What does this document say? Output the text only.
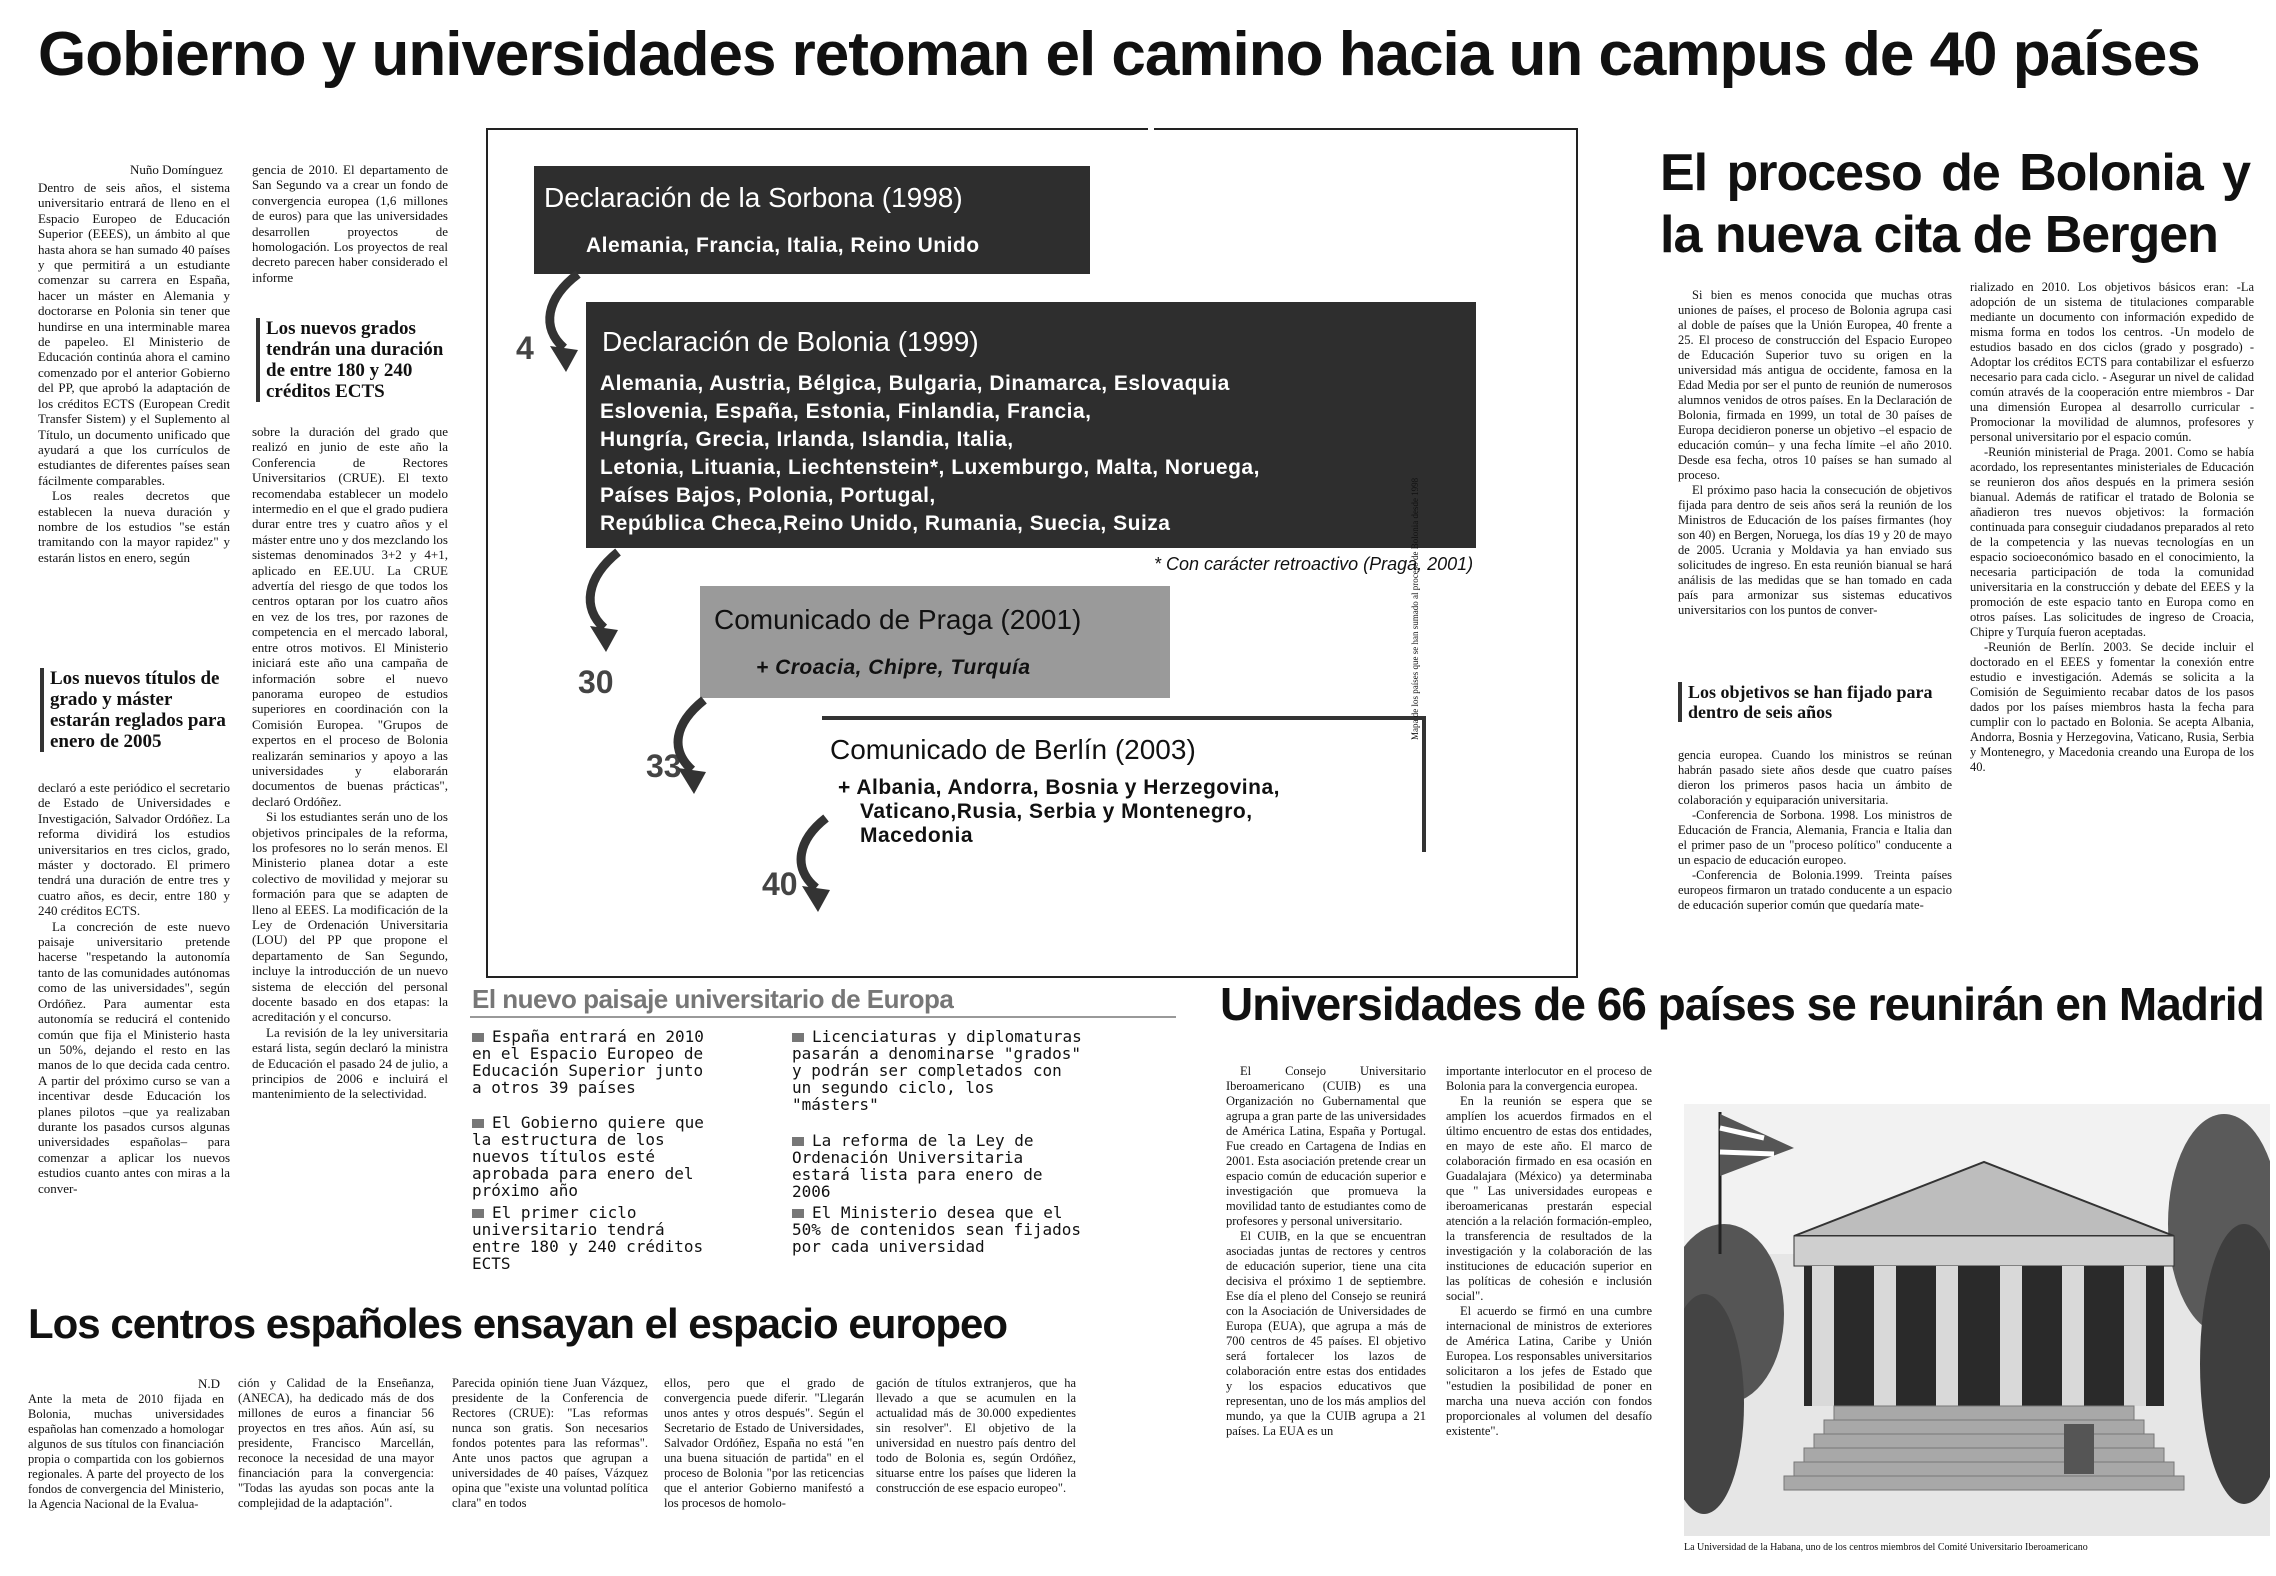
Gobierno y universidades retoman el camino hacia un campus de 40 países
Nuño Domínguez

Dentro de seis años, el sistema universitario entrará de lleno en el Espacio Europeo de Educación Superior (EEES), un ámbito al que hasta ahora se han sumado 40 países y que permitirá a un estudiante comenzar su carrera en España, hacer un máster en Alemania y doctorarse en Polonia sin tener que hundirse en una interminable marea de papeleo. El Ministerio de Educación continúa ahora el camino comenzado por el anterior Gobierno del PP, que aprobó la adaptación de los créditos ECTS (European Credit Transfer Sistem) y el Suplemento al Título, un documento unificado que ayudará a que los currículos de estudiantes de diferentes países sean fácilmente comparables.

Los reales decretos que establecen la nueva duración y nombre de los estudios "se están tramitando con la mayor rapidez" y estarán listos en enero, según

Los nuevos títulos de grado y máster estarán reglados para enero de 2005

declaró a este periódico el secretario de Estado de Universidades e Investigación, Salvador Ordóñez. La reforma dividirá los estudios universitarios en tres ciclos, grado, máster y doctorado. El primero tendrá una duración de entre tres y cuatro años, es decir, entre 180 y 240 créditos ECTS.

La concreción de este nuevo paisaje universitario pretende hacerse "respetando la autonomía tanto de las comunidades autónomas como de las universidades", según Ordóñez. Para aumentar esta autonomía se reducirá el contenido común que fija el Ministerio hasta un 50%, dejando el resto en las manos de lo que decida cada centro. A partir del próximo curso se van a incentivar desde Educación los planes pilotos –que ya realizaban durante los pasados cursos algunas universidades españolas– para comenzar a aplicar los nuevos estudios cuanto antes con miras a la conver-

gencia de 2010. El departamento de San Segundo va a crear un fondo de convergencia europea (1,6 millones de euros) para que las universidades desarrollen proyectos de homologación. Los proyectos de real decreto parecen haber considerado el informe

Los nuevos grados tendrán una duración de entre 180 y 240 créditos ECTS

sobre la duración del grado que realizó en junio de este año la Conferencia de Rectores Universitarios (CRUE). El texto recomendaba establecer un modelo intermedio en el que el grado pudiera durar entre tres y cuatro años y el máster entre uno y dos mezclando los sistemas denominados 3+2 y 4+1, aplicado en EE.UU. La CRUE advertía del riesgo de que todos los centros optaran por los cuatro años en vez de los tres, por razones de competencia en el mercado laboral, entre otros motivos. El Ministerio iniciará este año una campaña de información sobre el nuevo panorama europeo de estudios superiores en coordinación con la Comisión Europea. "Grupos de expertos en el proceso de Bolonia realizarán seminarios y apoyo a las universidades y elaborarán documentos de buenas prácticas", declaró Ordóñez.

Si los estudiantes serán uno de los objetivos principales de la reforma, los profesores no lo serán menos. El Ministerio planea dotar a este colectivo de movilidad y mejorar su formación para que se adapten de lleno al EEES. La modificación de la Ley de Ordenación Universitaria (LOU) del PP que propone el departamento de San Segundo, incluye la introducción de un nuevo sistema de elección del personal docente basado en dos etapas: la acreditación y el concurso.

La revisión de la ley universitaria estará lista, según declaró la ministra de Educación el pasado 24 de julio, a principios de 2006 e incluirá el mantenimiento de la selectividad.

Declaración de la Sorbona (1998)
Alemania, Francia, Italia, Reino Unido
Declaración de Bolonia (1999)
Alemania, Austria, Bélgica, Bulgaria, Dinamarca, Eslovaquia
Eslovenia, España, Estonia, Finlandia, Francia,
Hungría, Grecia, Irlanda, Islandia, Italia,
Letonia, Lituania, Liechtenstein*, Luxemburgo, Malta, Noruega,
Países Bajos, Polonia, Portugal,
República Checa,Reino Unido, Rumania, Suecia, Suiza
* Con carácter retroactivo (Praga, 2001)
Comunicado de Praga (2001)
+ Croacia, Chipre, Turquía
Comunicado de Berlín (2003)
+ Albania, Andorra, Bosnia y Herzegovina,
Vaticano,Rusia, Serbia y Montenegro,
Macedonia
4
30
33
40
Mapa de los países que se han sumado al proceso de Bolonia desde 1998
El nuevo paisaje universitario de Europa
España entrará en 2010 en el Espacio Europeo de Educación Superior junto a otros 39 países
El Gobierno quiere que la estructura de los nuevos títulos esté aprobada para enero del próximo año
El primer ciclo universitario tendrá entre 180 y 240 créditos ECTS
Licenciaturas y diplomaturas pasarán a denominarse "grados" y podrán ser completados con un segundo ciclo, los "másters"
La reforma de la Ley de Ordenación Universitaria estará lista para enero de 2006
El Ministerio desea que el 50% de contenidos sean fijados por cada universidad
El proceso de Bolonia y
la nueva cita de Bergen

Si bien es menos conocida que muchas otras uniones de países, el proceso de Bolonia agrupa casi al doble de países que la Unión Europea, 40 frente a 25. El proceso de construcción del Espacio Europeo de Educación Superior tuvo su origen en la universidad más antigua de occidente, famosa en la Edad Media por ser el punto de reunión de numerosos alumnos venidos de otros países. En la Declaración de Bolonia, firmada en 1999, un total de 30 países de Europa decidieron ponerse un objetivo –el espacio de educación común– y una fecha límite –el año 2010. Desde esa fecha, otros 10 países se han sumado al proceso.

El próximo paso hacia la consecución de objetivos fijada para dentro de seis años será la reunión de los Ministros de Educación de los países firmantes (hoy son 40) en Bergen, Noruega, los días 19 y 20 de mayo de 2005. Ucrania y Moldavia ya han enviado sus solicitudes de ingreso. En esta reunión bianual se hará análisis de las medidas que se han tomado en cada país para armonizar sus sistemas educativos universitarios con los puntos de conver-

Los objetivos se han fijado para dentro de seis años

gencia europea. Cuando los ministros se reúnan habrán pasado siete años desde que cuatro países dieron los primeros pasos hacia un ámbito de colaboración y equiparación universitaria.

-Conferencia de Sorbona. 1998. Los ministros de Educación de Francia, Alemania, Francia e Italia dan el primer paso de un "proceso político" conducente a un espacio de educación europeo.

-Conferencia de Bolonia.1999. Treinta países europeos firmaron un tratado conducente a un espacio de educación superior común que quedaría mate-

rializado en 2010. Los objetivos básicos eran: -La adopción de un sistema de titulaciones comparable mediante un documento con información expedido de misma forma en todos los centros. -Un modelo de estudios basado en dos ciclos (grado y posgrado) -Adoptar los créditos ECTS para contabilizar el esfuerzo necesario para cada ciclo. - Asegurar un nivel de calidad común através de la cooperación entre miembros - Dar una dimensión Europea al desarrollo curricular -Promocionar la movilidad de alumnos, profesores y personal universitario por el espacio común.

-Reunión ministerial de Praga. 2001. Como se había acordado, los representantes ministeriales de Educación se reunieron dos años después en la primera sesión bianual. Además de ratificar el tratado de Bolonia se añadieron tres nuevos objetivos: la formación continuada para conseguir ciudadanos preparados al reto de la competencia y las nuevas tecnologías en un espacio socioeconómico basado en el conocimiento, la necesaria participación de toda la comunidad universitaria en la construcción y debate del EEES y la promoción de este espacio tanto en Europa como en otros países. Las solicitudes de ingreso de Croacia, Chipre y Turquía fueron aceptadas.

-Reunión de Berlín. 2003. Se decide incluir el doctorado en el EEES y fomentar la conexión entre estudio e investigación. Además se solicita a la Comisión de Seguimiento recabar datos de los pasos dados por los países miembros hasta la fecha para cumplir con lo pactado en Bolonia. Se acepta Albania, Andorra, Bosnia y Herzegovina, Vaticano, Rusia, Serbia y Montenegro, y Macedonia creando una Europa de los 40.

Universidades de 66 países se reunirán en Madrid

El Consejo Universitario Iberoamericano (CUIB) es una Organización no Gubernamental que agrupa a gran parte de las universidades de América Latina, España y Portugal. Fue creado en Cartagena de Indias en 2001. Esta asociación pretende crear un espacio común de educación superior e investigación que promueva la movilidad tanto de estudiantes como de profesores y personal universitario.

El CUIB, en la que se encuentran asociadas juntas de rectores y centros de educación superior, tiene una cita decisiva el próximo 1 de septiembre. Ese día el pleno del Consejo se reunirá con la Asociación de Universidades de Europa (EUA), que agrupa a más de 700 centros de 45 países. El objetivo será fortalecer los lazos de colaboración entre estas dos entidades y los espacios educativos que representan, uno de los más amplios del mundo, ya que la CUIB agrupa a 21 países. La EUA es un

importante interlocutor en el proceso de Bolonia para la convergencia europea.

En la reunión se espera que se amplíen los acuerdos firmados en el último encuentro de estas dos entidades, en mayo de este año. El marco de colaboración firmado en esa ocasión en Guadalajara (México) ya determinaba que " Las universidades europeas e iberoamericanas prestarán especial atención a la relación formación-empleo, la transferencia de resultados de la investigación y la colaboración de las instituciones de educación superior en las políticas de cohesión e inclusión social".

El acuerdo se firmó en una cumbre internacional de ministros de exteriores de América Latina, Caribe y Unión Europea. Los responsables universitarios solicitaron a los jefes de Estado que "estudien la posibilidad de poner en marcha una nueva acción con fondos proporcionales al volumen del desafío existente".

La Universidad de la Habana, uno de los centros miembros del Comité Universitario Iberoamericano
Los centros españoles ensayan el espacio europeo
N.D

Ante la meta de 2010 fijada en Bolonia, muchas universidades españolas han comenzado a homologar algunos de sus títulos con financiación propia o compartida con los gobiernos regionales. A parte del proyecto de los fondos de convergencia del Ministerio, la Agencia Nacional de la Evalua-

ción y Calidad de la Enseñanza, (ANECA), ha dedicado más de dos millones de euros a financiar 56 proyectos en tres años. Aún así, su presidente, Francisco Marcellán, reconoce la necesidad de una mayor financiación para la convergencia: "Todas las ayudas son pocas ante la complejidad de la adaptación".

Parecida opinión tiene Juan Vázquez, presidente de la Conferencia de Rectores (CRUE): "Las reformas nunca son gratis. Son necesarios fondos potentes para las reformas". Ante unos pactos que agrupan a universidades de 40 países, Vázquez opina que "existe una voluntad política clara" en todos

ellos, pero que el grado de convergencia puede diferir. "Llegarán unos antes y otros después". Según el Secretario de Estado de Universidades, Salvador Ordóñez, España no está "en una buena situación de partida" en el proceso de Bolonia "por las reticencias que el anterior Gobierno manifestó a los procesos de homolo-

gación de títulos extranjeros, que ha llevado a que se acumulen en la actualidad más de 30.000 expedientes sin resolver". El objetivo de la universidad en nuestro país dentro del todo de Bolonia es, según Ordóñez, situarse entre los países que lideren la construcción de ese espacio europeo".
